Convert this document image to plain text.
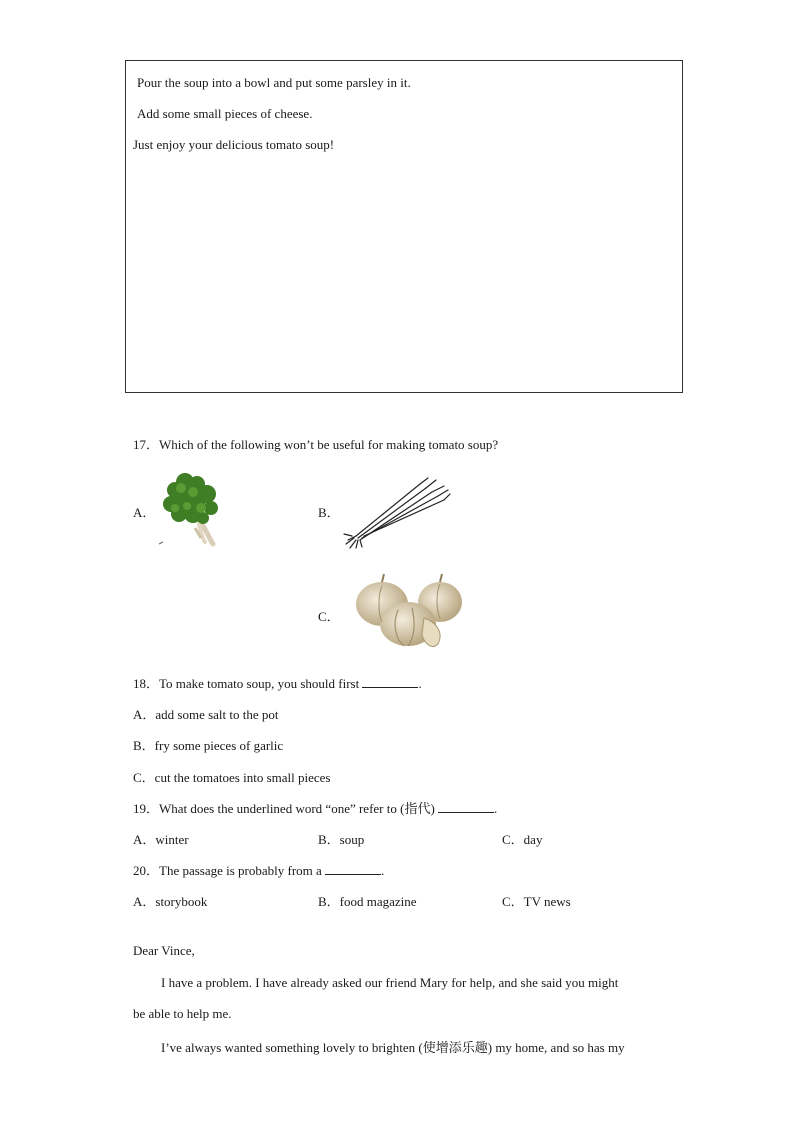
Pour the soup into a bowl and put some parsley in it.
Add some small pieces of cheese.
Just enjoy your delicious tomato soup!
17．Which of the following won’t be useful for making tomato soup?
A．	B．
C．
18．To make tomato soup, you should first	.
A．add some salt to the pot
B．fry some pieces of garlic
C．cut the tomatoes into small pieces
19．What does the underlined word “one” refer to (指代)	.
A．winter	B．soup	C．day
20．The passage is probably from a	.
A．storybook	B．food magazine	C．TV news
Dear Vince,
I have a problem. I have already asked our friend Mary for help, and she said you might
be able to help me.
I’ve always wanted something lovely to brighten (使增添乐趣) my home, and so has my
